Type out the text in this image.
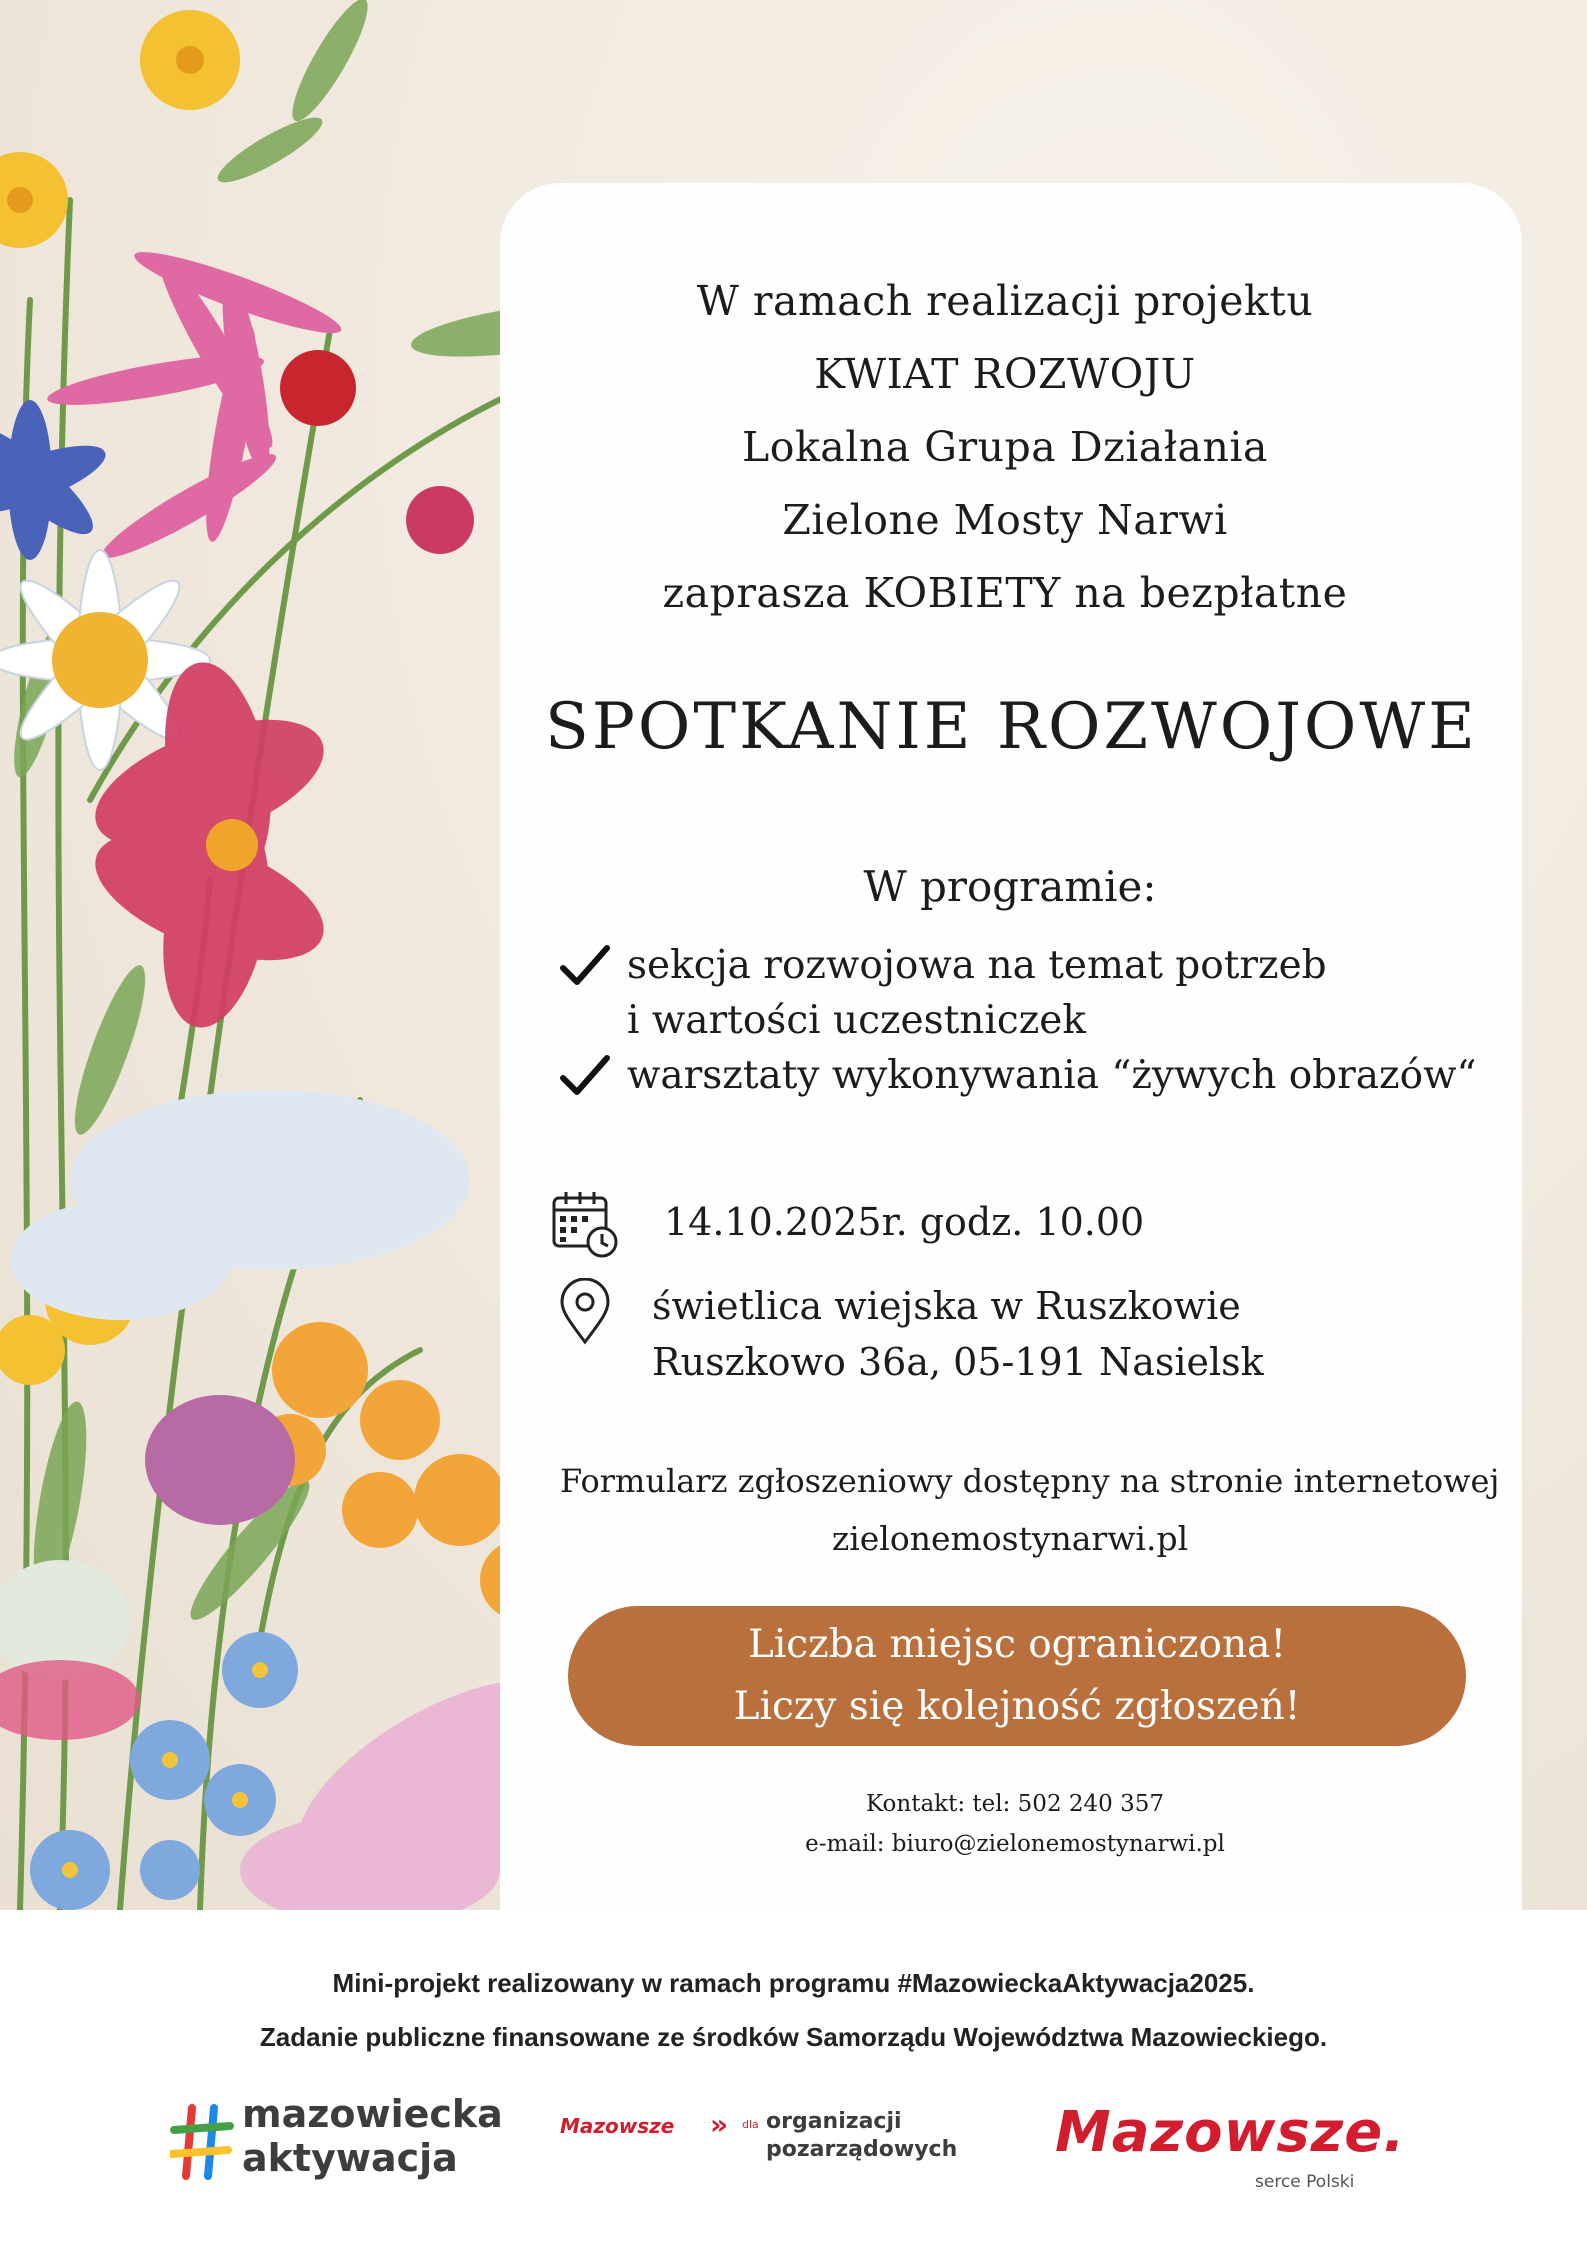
W ramach realizacji projektu
KWIAT ROZWOJU
Lokalna Grupa Działania
Zielone Mosty Narwi
zaprasza KOBIETY na bezpłatne
SPOTKANIE ROZWOJOWE
W programie:
sekcja rozwojowa na temat potrzeb
i wartości uczestniczek
warsztaty wykonywania “żywych obrazów“
14.10.2025r. godz. 10.00
świetlica wiejska w Ruszkowie
Ruszkowo 36a, 05-191 Nasielsk
Formularz zgłoszeniowy dostępny na stronie internetowej
zielonemostynarwi.pl
Liczba miejsc ograniczona!
Liczy się kolejność zgłoszeń!
Kontakt: tel: 502 240 357
e-mail: biuro@zielonemostynarwi.pl
Mini-projekt realizowany w ramach programu #MazowieckaAktywacja2025.
Zadanie publiczne finansowane ze środków Samorządu Województwa Mazowieckiego.
mazowiecka
aktywacja
Mazowsze » dla organizacji
pozarządowych Mazowsze.
serce Polski
